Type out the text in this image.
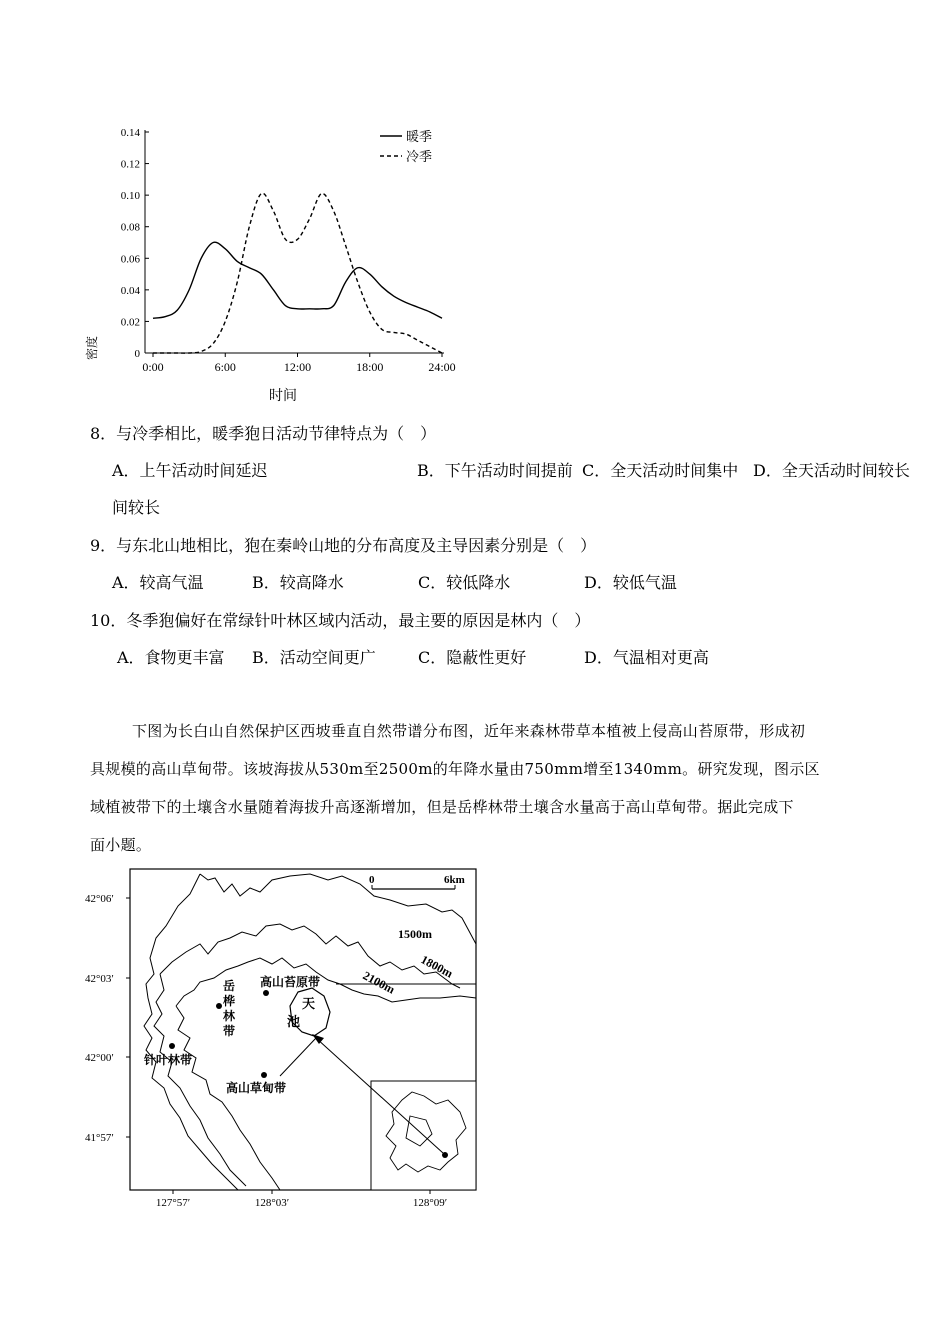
0
0.02
0.04
0.06
0.08
0.10
0.12
0.14
0:00	6:00	12:00	18:00	24:00
暖季
冷季
密度
时间
8．与冷季相比，暖季狍日活动节律特点为（　）
A．上午活动时间延迟	B．下午活动时间提前 C．全天活动时间集中 D．全天活动时间较长
间较长
9．与东北山地相比，狍在秦岭山地的分布高度及主导因素分别是（　）
A．较高气温	B．较高降水	C．较低降水	D．较低气温
10．冬季狍偏好在常绿针叶林区域内活动，最主要的原因是林内（　）
A．食物更丰富 B．活动空间更广	C．隐蔽性更好	D．气温相对更高
下图为长白山自然保护区西坡垂直自然带谱分布图，近年来森林带草本植被上侵高山苔原带，形成初
具规模的高山草甸带。该坡海拔从530m至2500m的年降水量由750mm增至1340mm。研究发现，图示区
域植被带下的土壤含水量随着海拔升高逐渐增加，但是岳桦林带土壤含水量高于高山草甸带。据此完成下
面小题。
42°06′
42°03′
42°00′
41°57′
127°57′	128°03′	128°09′
0	6km
1500m
1800m
2100m
天
池
高山苔原带
岳
桦
林
带
针叶林带
高山草甸带
